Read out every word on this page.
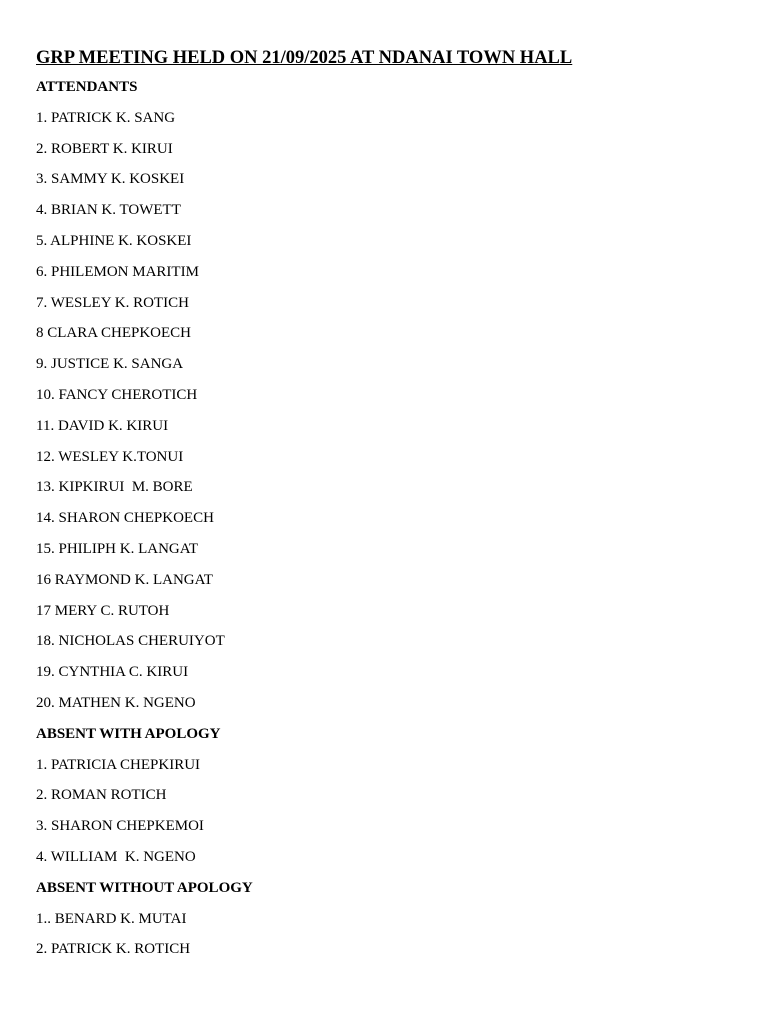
GRP MEETING HELD ON 21/09/2025 AT NDANAI TOWN HALL
ATTENDANTS
1. PATRICK K. SANG
2. ROBERT K. KIRUI
3. SAMMY K. KOSKEI
4. BRIAN K. TOWETT
5. ALPHINE K. KOSKEI
6. PHILEMON MARITIM
7. WESLEY K. ROTICH
8 CLARA CHEPKOECH
9. JUSTICE K. SANGA
10. FANCY CHEROTICH
11. DAVID K. KIRUI
12. WESLEY K.TONUI
13. KIPKIRUI  M. BORE
14. SHARON CHEPKOECH
15. PHILIPH K. LANGAT
16 RAYMOND K. LANGAT
17 MERY C. RUTOH
18. NICHOLAS CHERUIYOT
19. CYNTHIA C. KIRUI
20. MATHEN K. NGENO
ABSENT WITH APOLOGY
1. PATRICIA CHEPKIRUI
2. ROMAN ROTICH
3. SHARON CHEPKEMOI
4. WILLIAM  K. NGENO
ABSENT WITHOUT APOLOGY
1.. BENARD K. MUTAI
2. PATRICK K. ROTICH
